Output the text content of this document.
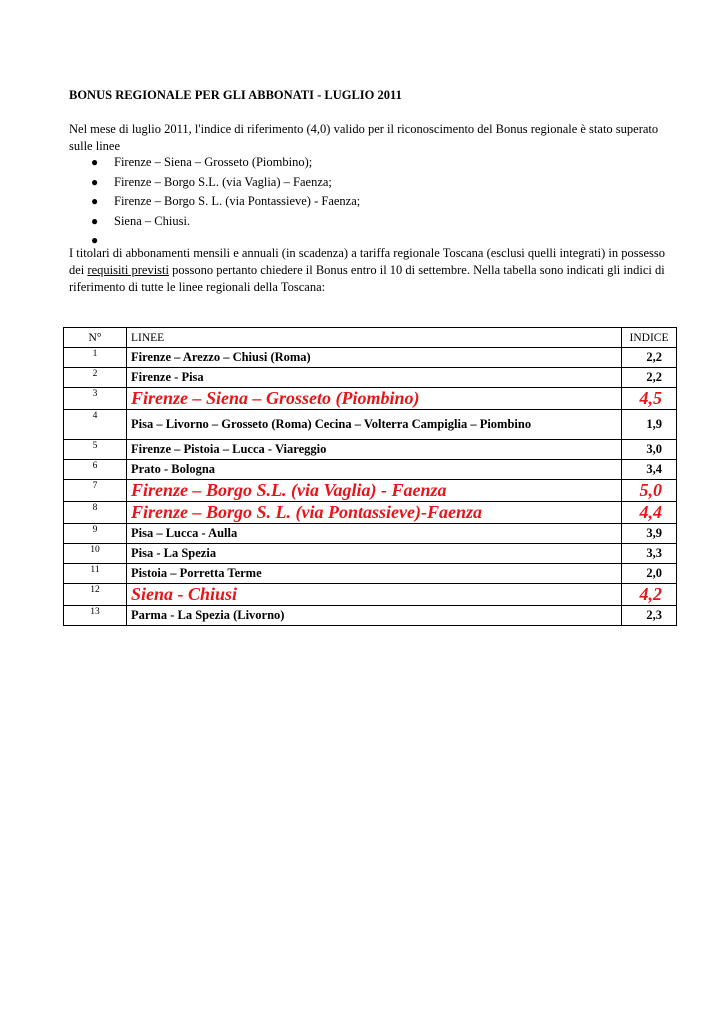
BONUS REGIONALE PER GLI ABBONATI - LUGLIO 2011
Nel mese di luglio 2011, l'indice di riferimento (4,0) valido per il riconoscimento del Bonus regionale è stato superato sulle linee
● Firenze – Siena – Grosseto (Piombino);
● Firenze – Borgo S.L. (via Vaglia) – Faenza;
● Firenze – Borgo S. L. (via Pontassieve) - Faenza;
● Siena – Chiusi.
●
I titolari di abbonamenti mensili e annuali (in scadenza) a tariffa regionale Toscana (esclusi quelli integrati) in possesso dei requisiti previsti possono pertanto chiedere il Bonus entro il 10 di settembre. Nella tabella sono indicati gli indici di riferimento di tutte le linee regionali della Toscana:
N°	LINEE	INDICE
1	Firenze – Arezzo – Chiusi (Roma)	2,2
2	Firenze - Pisa	2,2
3	Firenze – Siena – Grosseto (Piombino)	4,5
4	Pisa – Livorno – Grosseto (Roma) Cecina – Volterra Campiglia – Piombino	1,9
5	Firenze – Pistoia – Lucca - Viareggio	3,0
6	Prato - Bologna	3,4
7	Firenze – Borgo S.L. (via Vaglia) - Faenza	5,0
8	Firenze – Borgo S. L. (via Pontassieve)-Faenza	4,4
9	Pisa – Lucca - Aulla	3,9
10	Pisa - La Spezia	3,3
11	Pistoia – Porretta Terme	2,0
12	Siena - Chiusi	4,2
13	Parma - La Spezia (Livorno)	2,3
